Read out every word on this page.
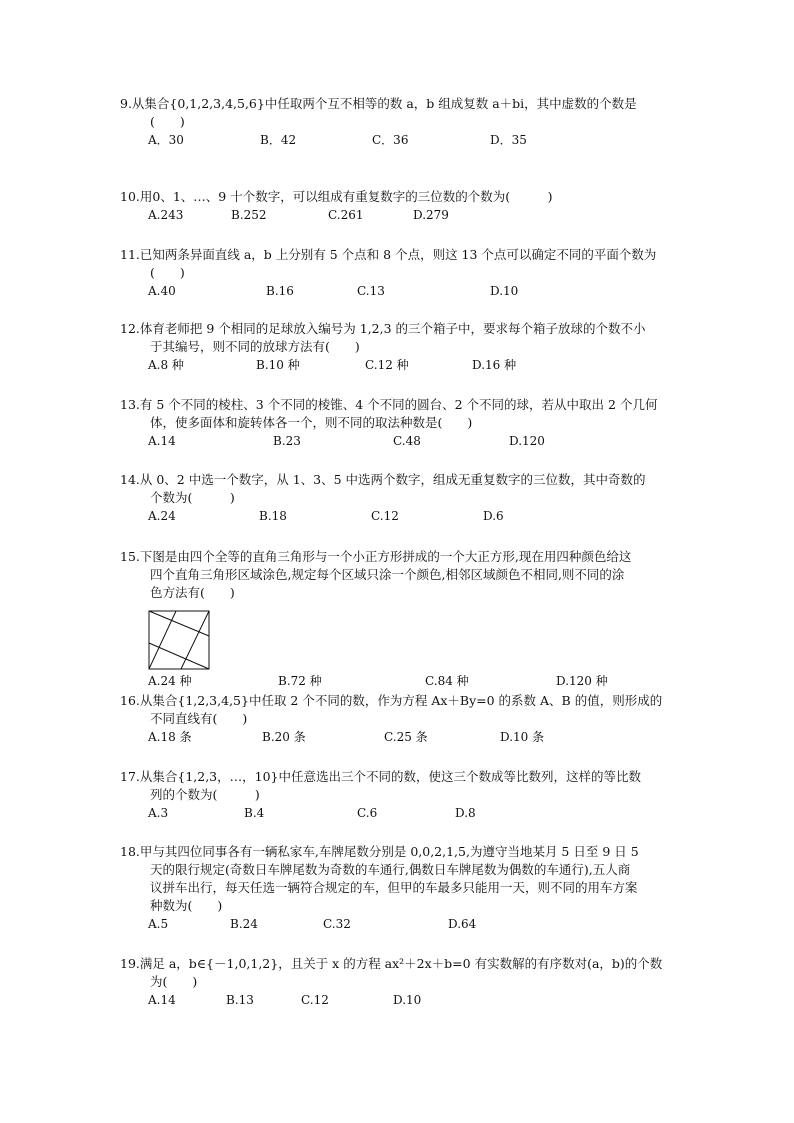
9.从集合{0,1,2,3,4,5,6}中任取两个互不相等的数 a，b 组成复数 a＋bi，其中虚数的个数是
(　　)
A．30	B．42	C．36	D．35
10.用0、1、…、9 十个数字，可以组成有重复数字的三位数的个数为(　　　)
A.243	B.252	C.261	D.279
11.已知两条异面直线 a，b 上分别有 5 个点和 8 个点，则这 13 个点可以确定不同的平面个数为
(　　)
A.40	B.16	C.13	D.10
12.体育老师把 9 个相同的足球放入编号为 1,2,3 的三个箱子中，要求每个箱子放球的个数不小
于其编号，则不同的放球方法有(　　)
A.8 种	B.10 种	C.12 种	D.16 种
13.有 5 个不同的棱柱、3 个不同的棱锥、4 个不同的圆台、2 个不同的球，若从中取出 2 个几何
体，使多面体和旋转体各一个，则不同的取法种数是(　　)
A.14	B.23	C.48	D.120
14.从 0、2 中选一个数字，从 1、3、5 中选两个数字，组成无重复数字的三位数，其中奇数的
个数为(　　　)
A.24	B.18	C.12	D.6
15.下图是由四个全等的直角三角形与一个小正方形拼成的一个大正方形,现在用四种颜色给这
四个直角三角形区域涂色,规定每个区域只涂一个颜色,相邻区域颜色不相同,则不同的涂
色方法有(　　)
A.24 种	B.72 种	C.84 种	D.120 种
16.从集合{1,2,3,4,5}中任取 2 个不同的数，作为方程 Ax＋By=0 的系数 A、B 的值，则形成的
不同直线有(　　)
A.18 条	B.20 条	C.25 条	D.10 条
17.从集合{1,2,3，…，10}中任意选出三个不同的数，使这三个数成等比数列，这样的等比数
列的个数为(　　　)
A.3	B.4	C.6	D.8
18.甲与其四位同事各有一辆私家车,车牌尾数分别是 0,0,2,1,5,为遵守当地某月 5 日至 9 日 5
天的限行规定(奇数日车牌尾数为奇数的车通行,偶数日车牌尾数为偶数的车通行),五人商
议拼车出行，每天任选一辆符合规定的车，但甲的车最多只能用一天，则不同的用车方案
种数为(　　)
A.5	B.24	C.32	D.64
19.满足 a，b∈{－1,0,1,2}，且关于 x 的方程 ax²＋2x＋b=0 有实数解的有序数对(a，b)的个数
为(　　)
A.14	B.13	C.12	D.10
